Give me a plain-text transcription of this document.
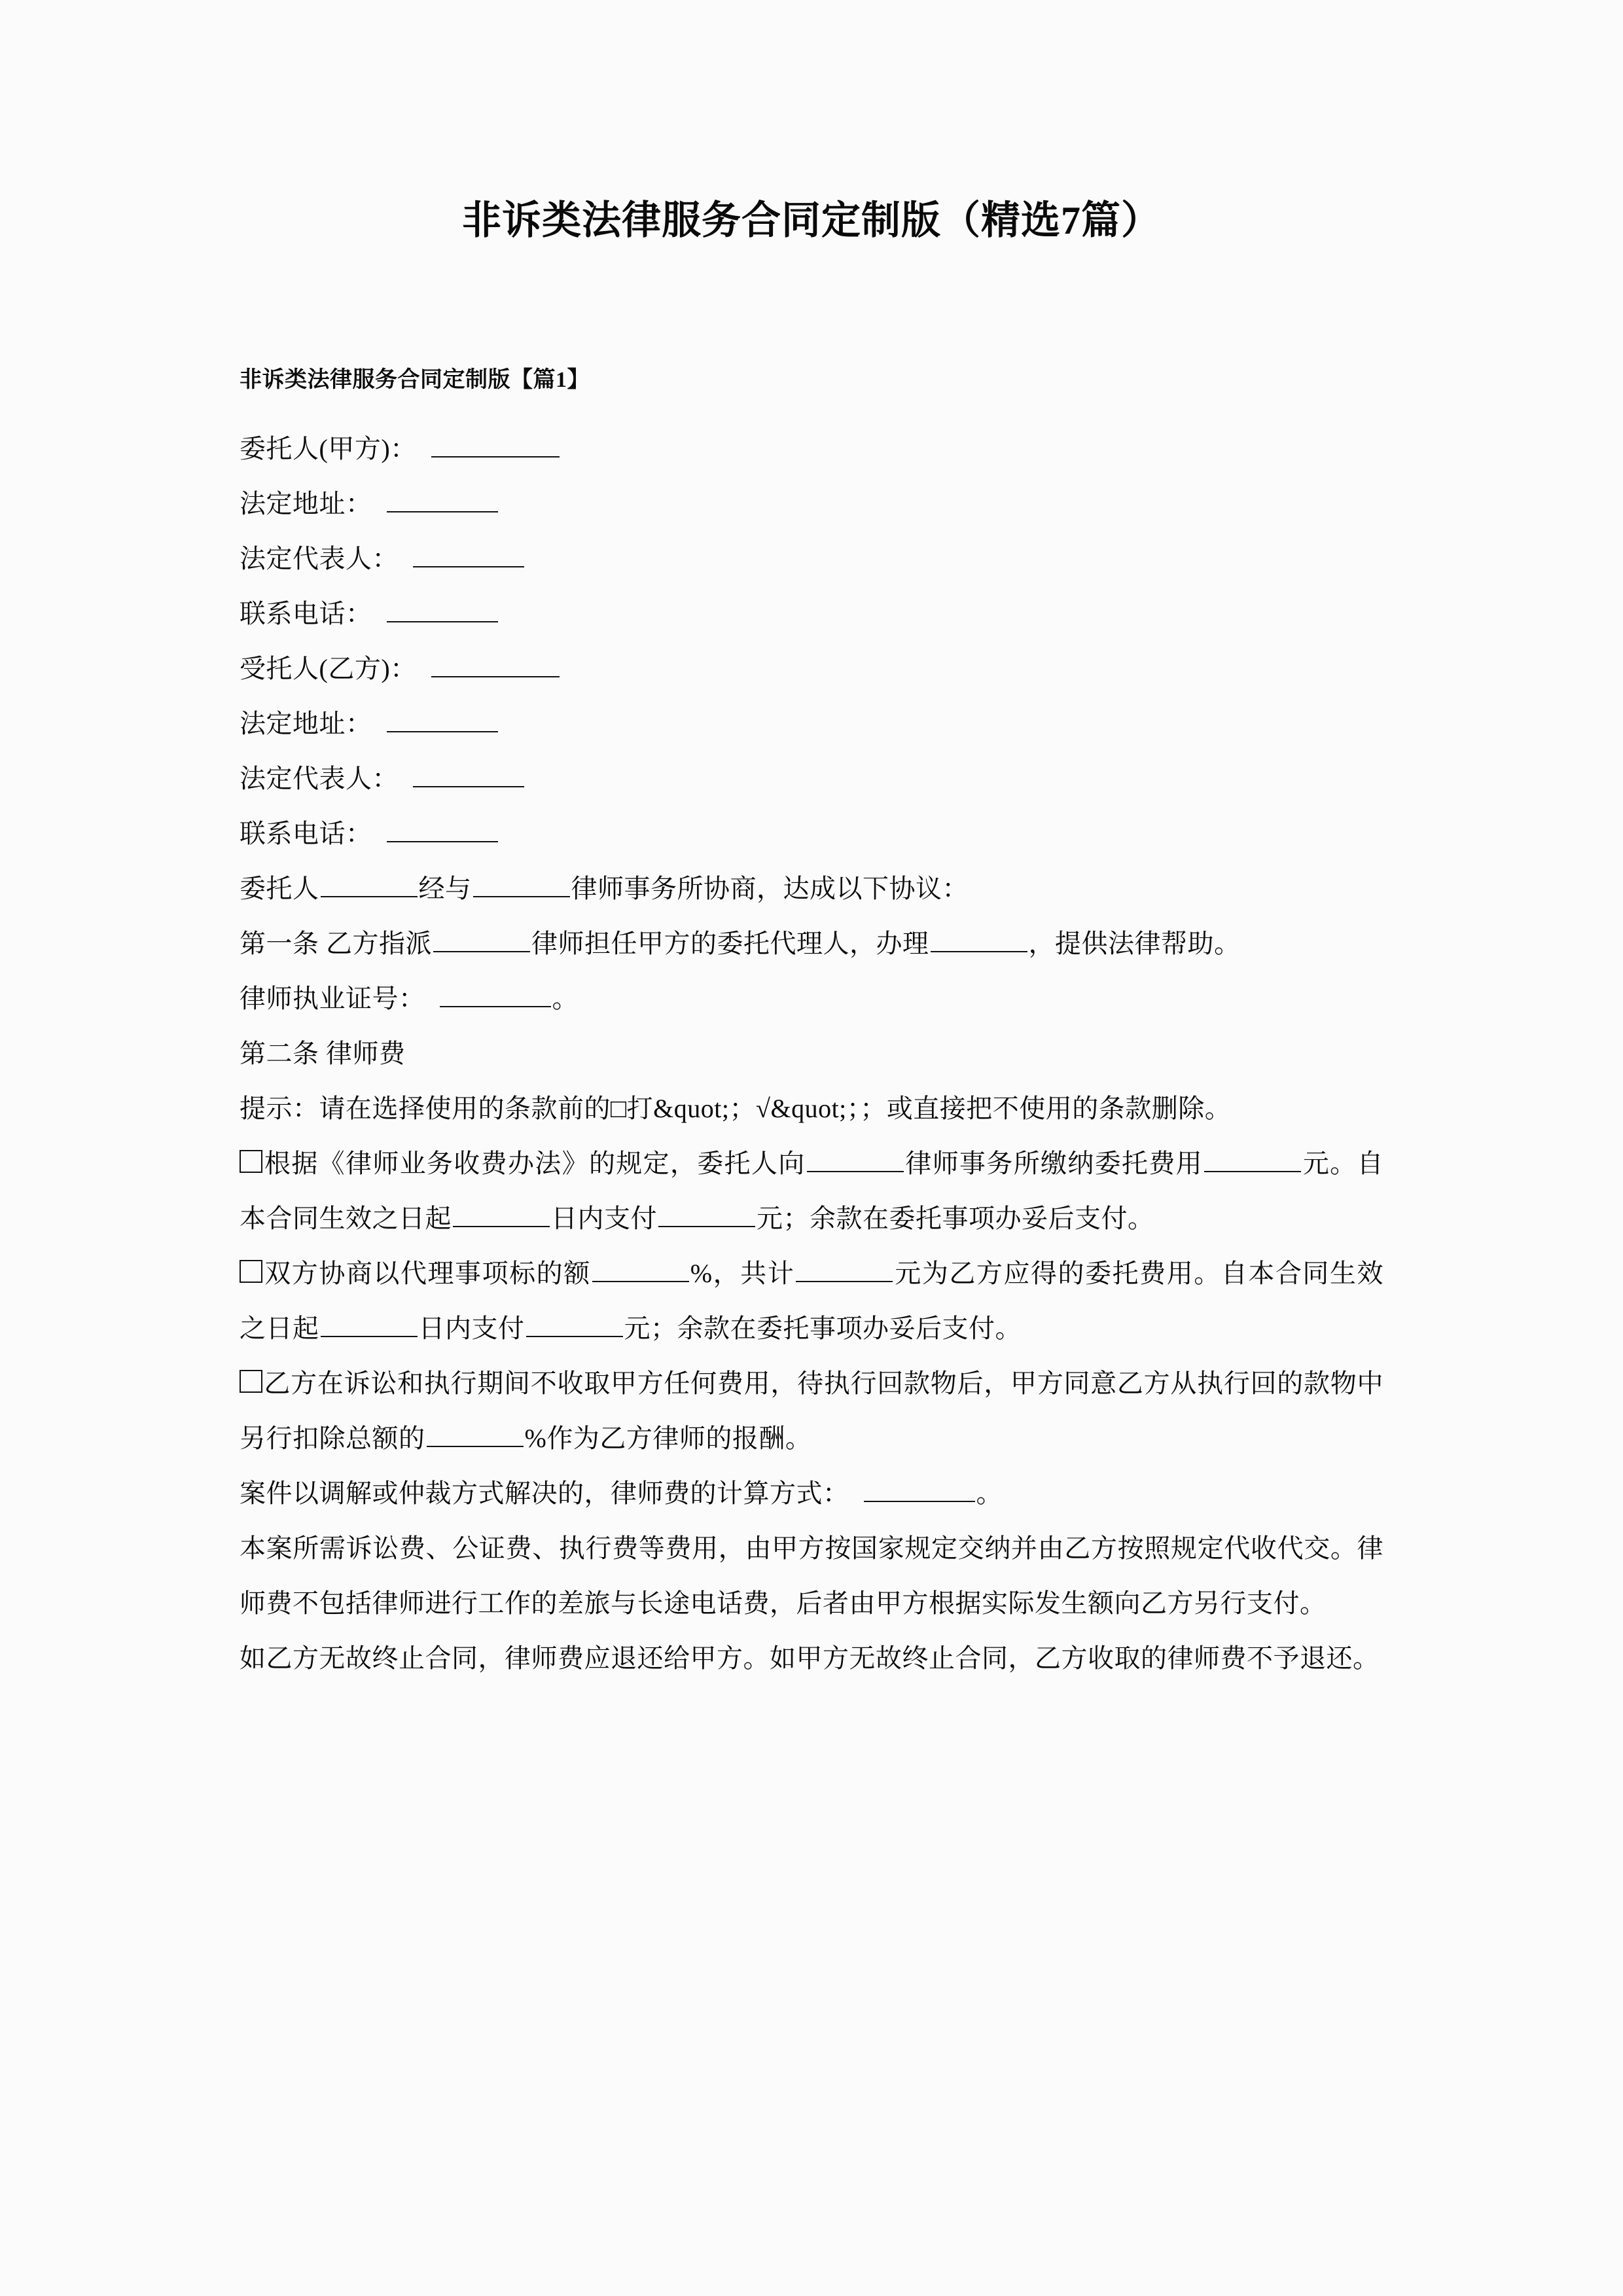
非诉类法律服务合同定制版（精选7篇）
非诉类法律服务合同定制版【篇1】

委托人(甲方)：

法定地址：

法定代表人：

联系电话：

受托人(乙方)：

法定地址：

法定代表人：

联系电话：

委托人	经与	律师事务所协商，达成以下协议：

第一条 乙方指派	律师担任甲方的委托代理人，办理	，提供法律帮助。

律师执业证号：	。

第二条 律师费

提示：请在选择使用的条款前的□打&quot;；√&quot;；；或直接把不使用的条款删除。

根据《律师业务收费办法》的规定，委托人向	律师事务所缴纳委托费用	元。自本合同生效之日起	日内支付	元；余款在委托事项办妥后支付。

双方协商以代理事项标的额	%，共计	元为乙方应得的委托费用。自本合同生效之日起	日内支付	元；余款在委托事项办妥后支付。

乙方在诉讼和执行期间不收取甲方任何费用，待执行回款物后，甲方同意乙方从执行回的款物中另行扣除总额的	%作为乙方律师的报酬。

案件以调解或仲裁方式解决的，律师费的计算方式：	。

本案所需诉讼费、公证费、执行费等费用，由甲方按国家规定交纳并由乙方按照规定代收代交。律师费不包括律师进行工作的差旅与长途电话费，后者由甲方根据实际发生额向乙方另行支付。

如乙方无故终止合同，律师费应退还给甲方。如甲方无故终止合同，乙方收取的律师费不予退还。
